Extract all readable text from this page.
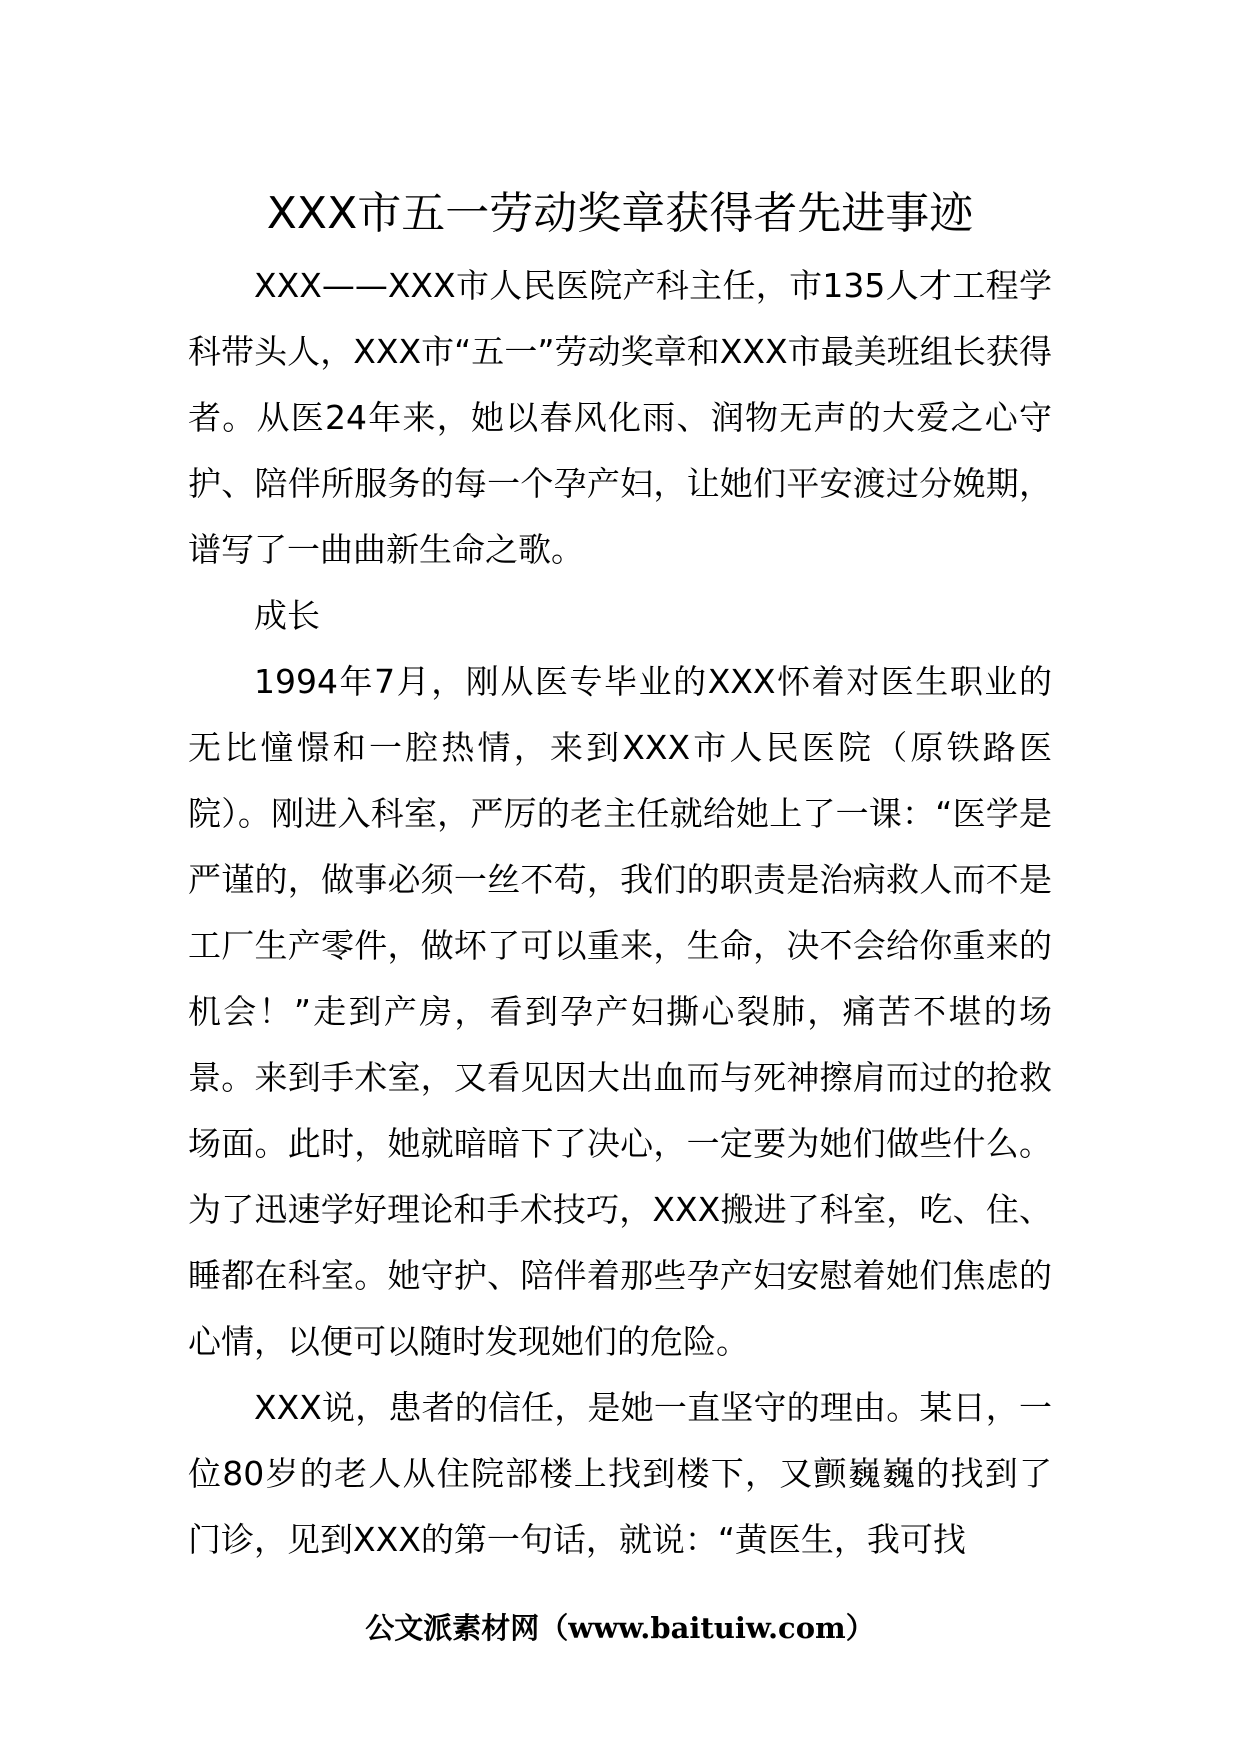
XXX市五一劳动奖章获得者先进事迹

XXX——XXX市人民医院产科主任，市135人才工程学科带头人，XXX市“五一”劳动奖章和XXX市最美班组长获得者。从医24年来，她以春风化雨、润物无声的大爱之心守护、陪伴所服务的每一个孕产妇，让她们平安渡过分娩期，谱写了一曲曲新生命之歌。

成长

1994年7月，刚从医专毕业的XXX怀着对医生职业的无比憧憬和一腔热情，来到XXX市人民医院（原铁路医院）。刚进入科室，严厉的老主任就给她上了一课：“医学是严谨的，做事必须一丝不苟，我们的职责是治病救人而不是工厂生产零件，做坏了可以重来，生命，决不会给你重来的机会！”走到产房，看到孕产妇撕心裂肺，痛苦不堪的场景。来到手术室，又看见因大出血而与死神擦肩而过的抢救场面。此时，她就暗暗下了决心，一定要为她们做些什么。为了迅速学好理论和手术技巧，XXX搬进了科室，吃、住、睡都在科室。她守护、陪伴着那些孕产妇安慰着她们焦虑的心情，以便可以随时发现她们的危险。

XXX说，患者的信任，是她一直坚守的理由。某日，一位80岁的老人从住院部楼上找到楼下，又颤巍巍的找到了门诊，见到XXX的第一句话，就说：“黄医生，我可找

公文派素材网（www.baituiw.com）
